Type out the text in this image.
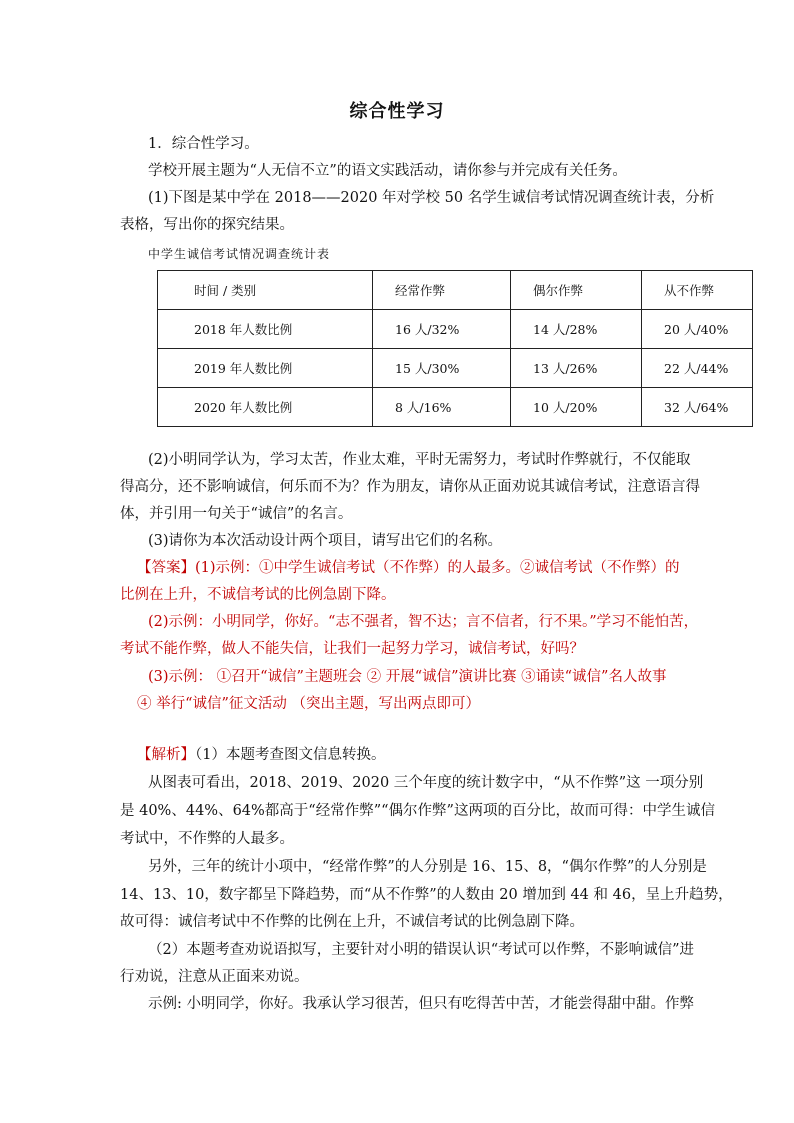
综合性学习
1．综合性学习。
学校开展主题为“人无信不立”的语文实践活动，请你参与并完成有关任务。
(1)下图是某中学在 2018——2020 年对学校 50 名学生诚信考试情况调查统计表，分析
表格，写出你的探究结果。
中学生诚信考试情况调查统计表
时间 / 类别	经常作弊	偶尔作弊	从不作弊
2018 年人数比例	16 人/32%	14 人/28%	20 人/40%
2019 年人数比例	15 人/30%	13 人/26%	22 人/44%
2020 年人数比例	8 人/16%	10 人/20%	32 人/64%
(2)小明同学认为，学习太苦，作业太难，平时无需努力，考试时作弊就行，不仅能取
得高分，还不影响诚信，何乐而不为？作为朋友，请你从正面劝说其诚信考试，注意语言得
体，并引用一句关于“诚信”的名言。
(3)请你为本次活动设计两个项目，请写出它们的名称。
【答案】(1)示例：①中学生诚信考试（不作弊）的人最多。②诚信考试（不作弊）的
比例在上升，不诚信考试的比例急剧下降。
(2)示例：小明同学，你好。“志不强者，智不达；言不信者，行不果。”学习不能怕苦，
考试不能作弊，做人不能失信，让我们一起努力学习，诚信考试，好吗？
(3)示例： ①召开“诚信”主题班会 ② 开展“诚信”演讲比赛 ③诵读“诚信”名人故事
④ 举行“诚信”征文活动 （突出主题，写出两点即可）
【解析】（1）本题考查图文信息转换。
从图表可看出，2018、2019、2020 三个年度的统计数字中，“从不作弊”这 一项分别
是 40%、44%、64%都高于“经常作弊”“偶尔作弊”这两项的百分比，故而可得：中学生诚信
考试中，不作弊的人最多。
另外，三年的统计小项中，“经常作弊”的人分别是 16、15、8，“偶尔作弊”的人分别是
14、13、10，数字都呈下降趋势，而“从不作弊”的人数由 20 增加到 44 和 46，呈上升趋势，
故可得：诚信考试中不作弊的比例在上升，不诚信考试的比例急剧下降。
（2）本题考查劝说语拟写，主要针对小明的错误认识“考试可以作弊，不影响诚信”进
行劝说，注意从正面来劝说。
示例: 小明同学，你好。我承认学习很苦，但只有吃得苦中苦，才能尝得甜中甜。作弊
